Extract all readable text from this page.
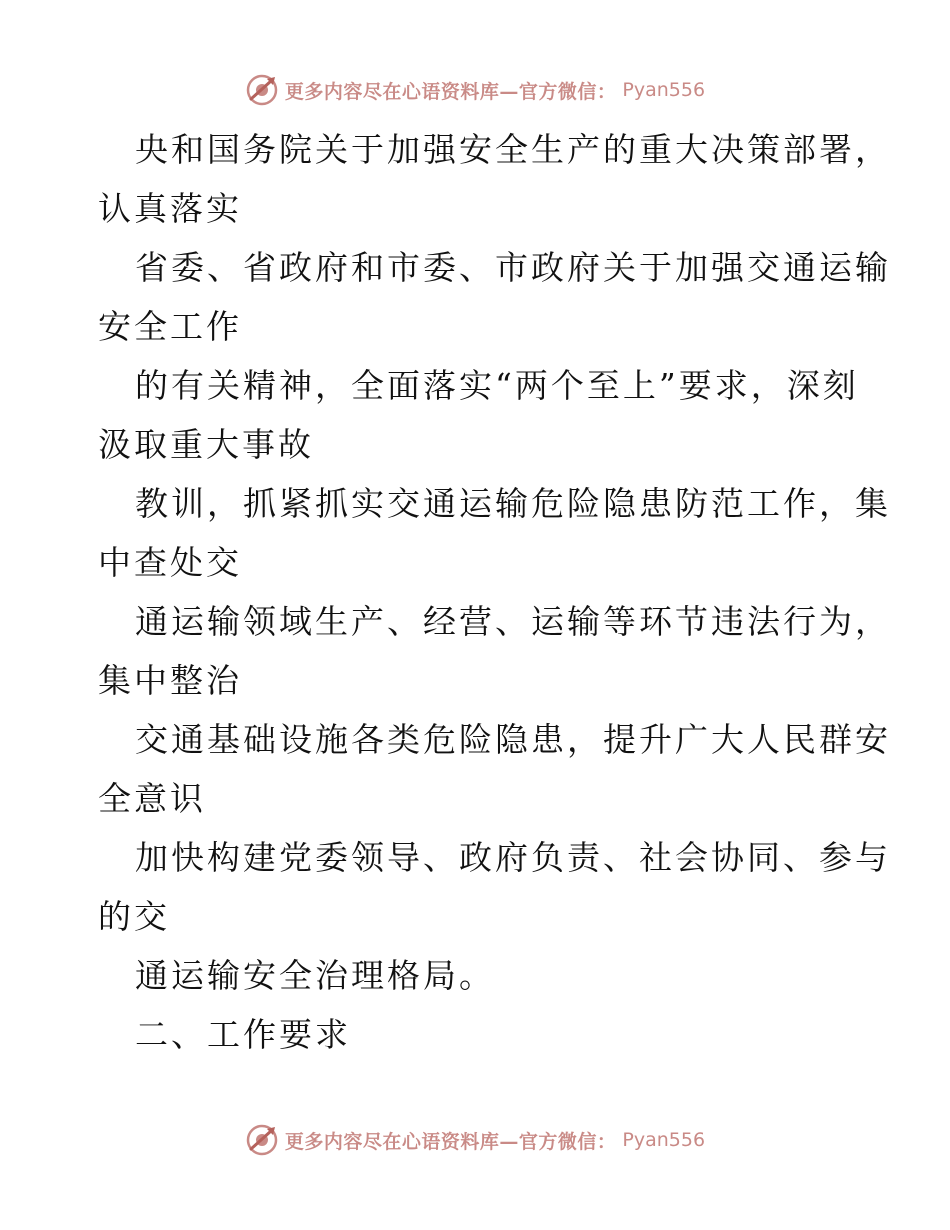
更多内容尽在心语资料库—官方微信： Pyan556
央和国务院关于加强安全生产的重大决策部署，
认真落实
省委、省政府和市委、市政府关于加强交通运输
安全工作
的有关精神，全面落实“两个至上”要求，深刻
汲取重大事故
教训，抓紧抓实交通运输危险隐患防范工作，集
中查处交
通运输领域生产、经营、运输等环节违法行为，
集中整治
交通基础设施各类危险隐患，提升广大人民群安
全意识
加快构建党委领导、政府负责、社会协同、参与
的交
通运输安全治理格局。
二、工作要求
更多内容尽在心语资料库—官方微信： Pyan556
